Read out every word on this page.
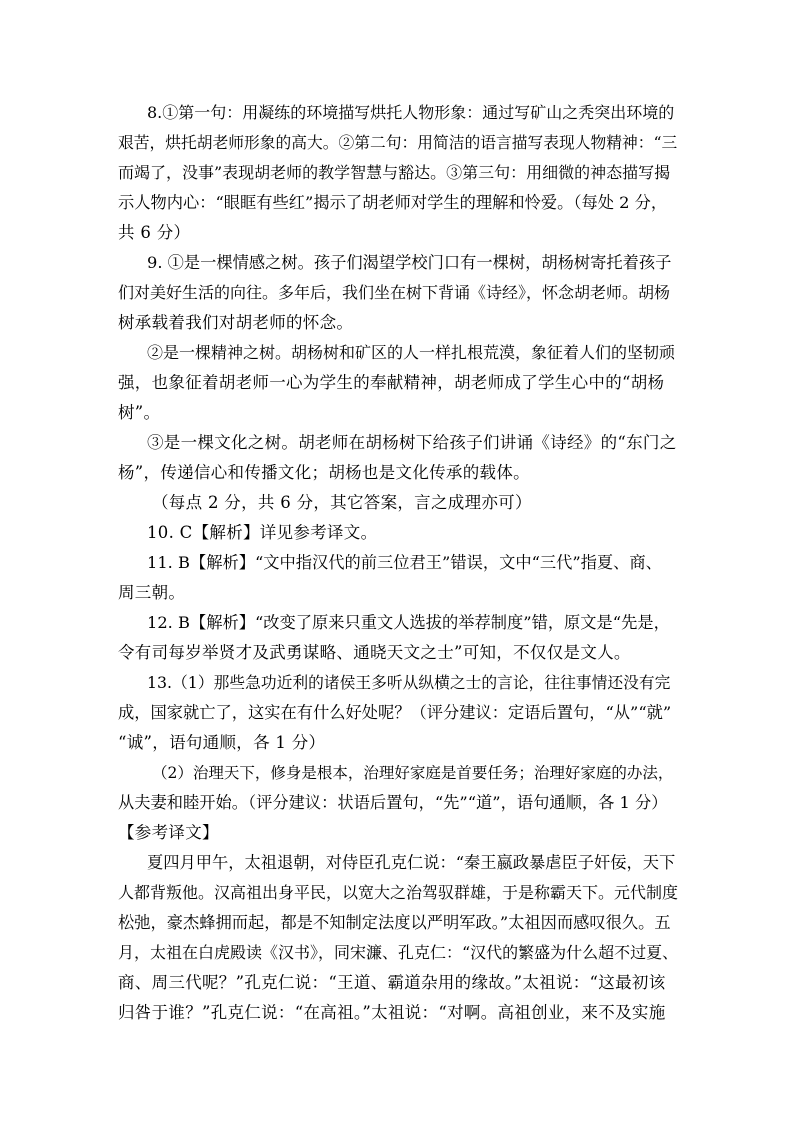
8.①第一句：用凝练的环境描写烘托人物形象：通过写矿山之秃突出环境的
艰苦，烘托胡老师形象的高大。②第二句：用简洁的语言描写表现人物精神：“三
而竭了，没事”表现胡老师的教学智慧与豁达。③第三句：用细微的神态描写揭
示人物内心：“眼眶有些红”揭示了胡老师对学生的理解和怜爱。（每处 2 分，
共 6 分）
9. ①是一棵情感之树。孩子们渴望学校门口有一棵树，胡杨树寄托着孩子
们对美好生活的向往。多年后，我们坐在树下背诵《诗经》，怀念胡老师。胡杨
树承载着我们对胡老师的怀念。
②是一棵精神之树。胡杨树和矿区的人一样扎根荒漠，象征着人们的坚韧顽
强，也象征着胡老师一心为学生的奉献精神，胡老师成了学生心中的“胡杨
树”。
③是一棵文化之树。胡老师在胡杨树下给孩子们讲诵《诗经》的“东门之
杨”，传递信心和传播文化；胡杨也是文化传承的载体。
（每点 2 分，共 6 分，其它答案，言之成理亦可）
10. C【解析】详见参考译文。
11. B【解析】“文中指汉代的前三位君王”错误，文中“三代”指夏、商、
周三朝。
12. B【解析】“改变了原来只重文人选拔的举荐制度”错，原文是“先是，
令有司每岁举贤才及武勇谋略、通晓天文之士”可知，不仅仅是文人。
13.（1）那些急功近利的诸侯王多听从纵横之士的言论，往往事情还没有完
成，国家就亡了，这实在有什么好处呢？（评分建议：定语后置句，“从”“就”
“诚”，语句通顺，各 1 分）
（2）治理天下，修身是根本，治理好家庭是首要任务；治理好家庭的办法，
从夫妻和睦开始。（评分建议：状语后置句，“先”“道”，语句通顺，各 1 分）
【参考译文】
夏四月甲午，太祖退朝，对侍臣孔克仁说：“秦王嬴政暴虐臣子奸佞，天下
人都背叛他。汉高祖出身平民，以宽大之治驾驭群雄，于是称霸天下。元代制度
松弛，豪杰蜂拥而起，都是不知制定法度以严明军政。”太祖因而感叹很久。五
月，太祖在白虎殿读《汉书》，同宋濂、孔克仁：“汉代的繁盛为什么超不过夏、
商、周三代呢？”孔克仁说：“王道、霸道杂用的缘故。”太祖说：“这最初该
归咎于谁？”孔克仁说：“在高祖。”太祖说：“对啊。高祖创业，来不及实施
